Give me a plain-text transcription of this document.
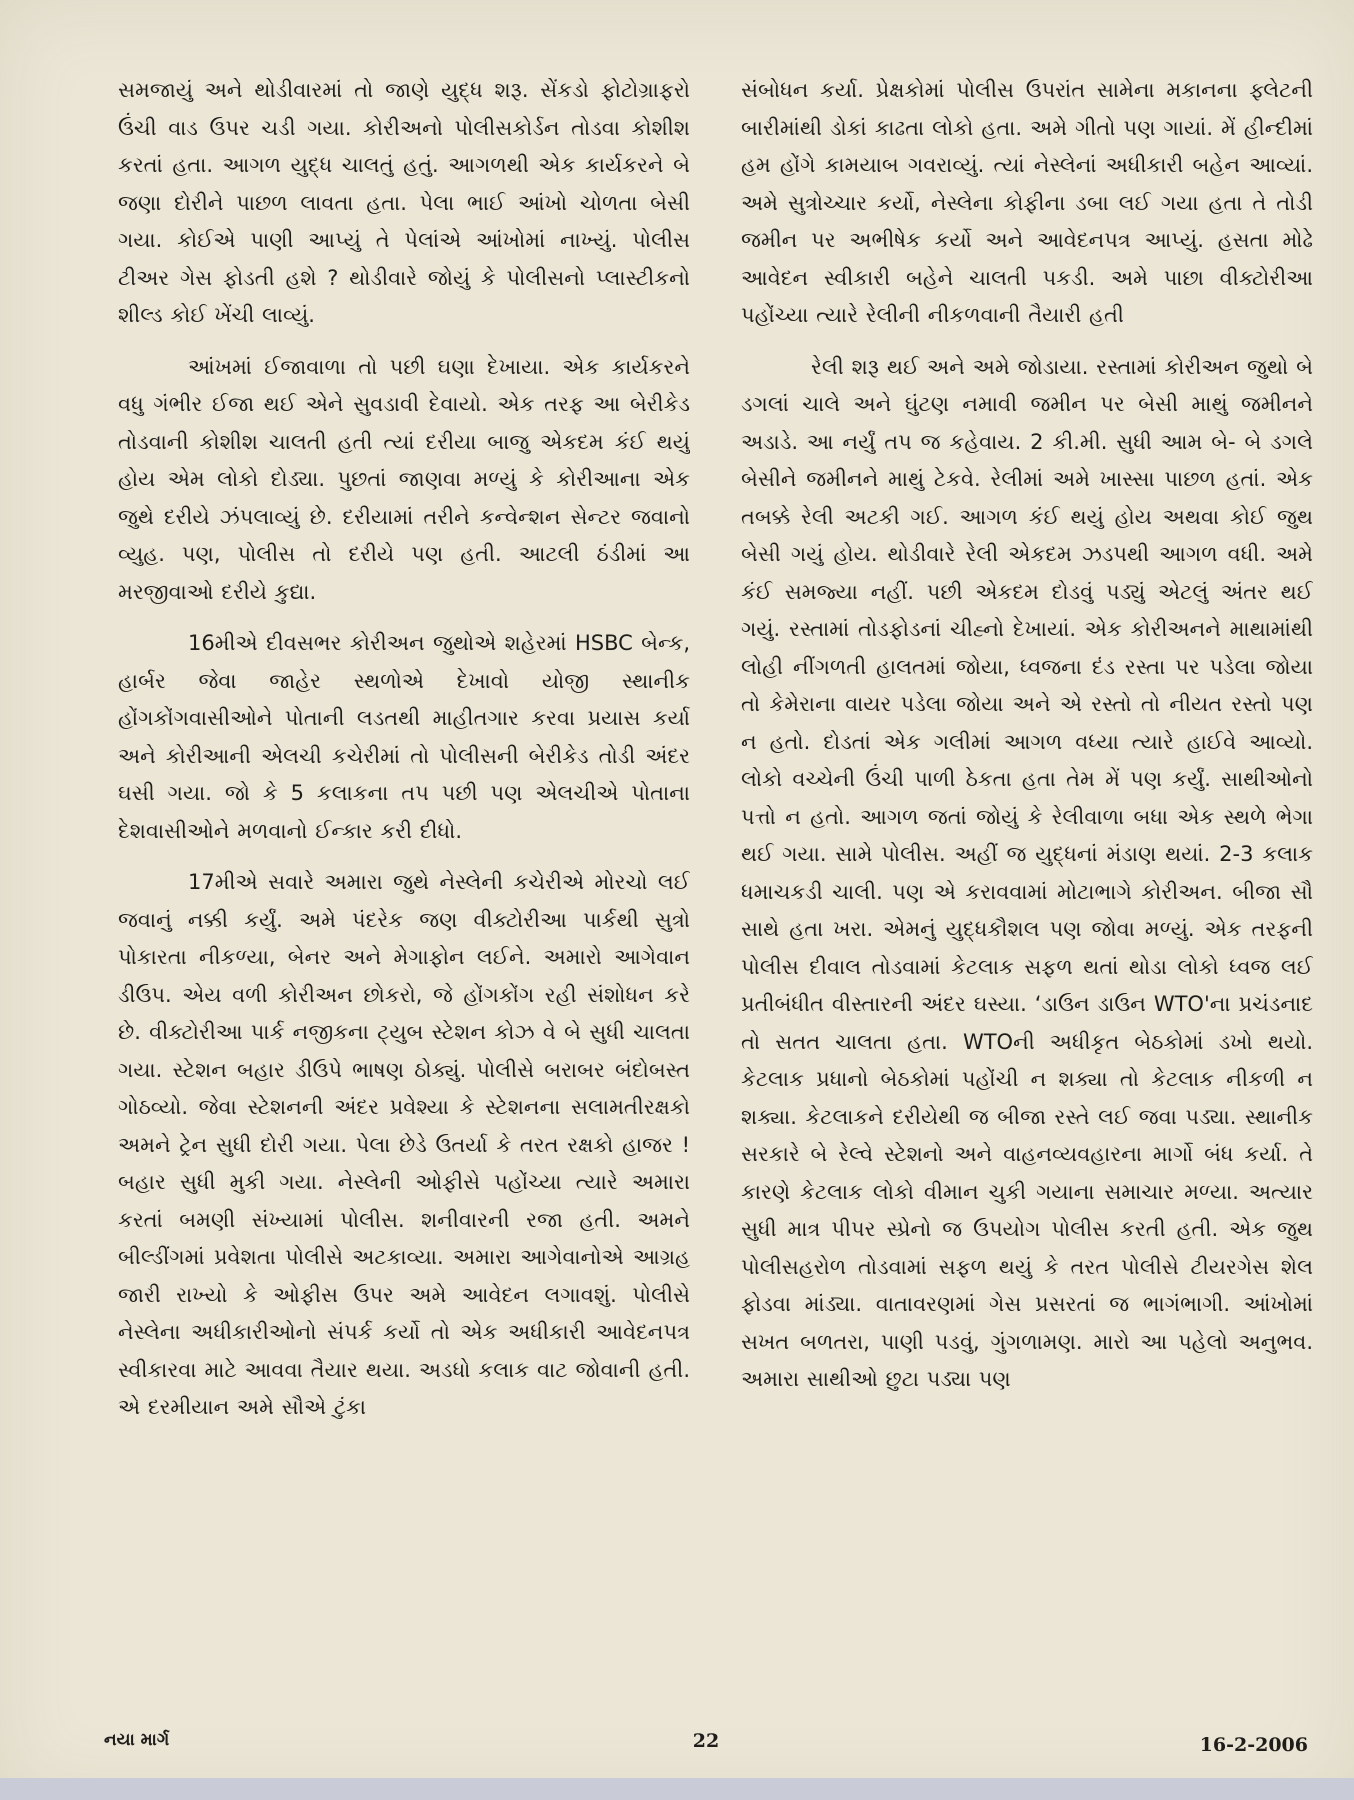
સમજાયું અને થોડીવારમાં તો જાણે યુદ્ધ શરૂ. સેંકડો ફોટોગ્રાફરો ઉંચી વાડ ઉપર ચડી ગયા. કોરીઅનો પોલીસકોર્ડન તોડવા કોશીશ કરતાં હતા. આગળ યુદ્ધ ચાલતું હતું. આગળથી એક કાર્યકરને બે જણા દોરીને પાછળ લાવતા હતા. પેલા ભાઈ આંખો ચોળતા બેસી ગયા. કોઈએ પાણી આપ્યું તે પેલાંએ આંખોમાં નાખ્યું. પોલીસ ટીઅર ગેસ ફોડતી હશે ? થોડીવારે જોયું કે પોલીસનો પ્લાસ્ટીકનો શીલ્ડ કોઈ ખેંચી લાવ્યું.

આંખમાં ઈજાવાળા તો પછી ઘણા દેખાયા. એક કાર્યકરને વધુ ગંભીર ઈજા થઈ એને સુવડાવી દેવાયો. એક તરફ આ બેરીકેડ તોડવાની કોશીશ ચાલતી હતી ત્યાં દરીયા બાજુ એકદમ કંઈ થયું હોય એમ લોકો દોડ્યા. પુછતાં જાણવા મળ્યું કે કોરીઆના એક જુથે દરીયે ઝંપલાવ્યું છે. દરીયામાં તરીને કન્વેન્શન સેન્ટર જવાનો વ્યુહ. પણ, પોલીસ તો દરીયે પણ હતી. આટલી ઠંડીમાં આ મરજીવાઓ દરીયે કુદ્યા.

16મીએ દીવસભર કોરીઅન જુથોએ શહેરમાં HSBC બેન્ક, હાર્બર જેવા જાહેર સ્થળોએ દેખાવો યોજી સ્થાનીક હોંગકોંગવાસીઓને પોતાની લડતથી માહીતગાર કરવા પ્રયાસ કર્યા અને કોરીઆની એલચી કચેરીમાં તો પોલીસની બેરીકેડ તોડી અંદર ઘસી ગયા. જો કે 5 કલાકના તપ પછી પણ એલચીએ પોતાના દેશવાસીઓને મળવાનો ઈન્કાર કરી દીધો.

17મીએ સવારે અમારા જુથે નેસ્લેની કચેરીએ મોરચો લઈ જવાનું નક્કી કર્યું. અમે પંદરેક જણ વીક્ટોરીઆ પાર્કથી સુત્રો પોકારતા નીકળ્યા, બેનર અને મેગાફોન લઈને. અમારો આગેવાન ડીઉપ. એય વળી કોરીઅન છોકરો, જે હોંગકોંગ રહી સંશોધન કરે છે. વીક્ટોરીઆ પાર્ક નજીકના ટ્યુબ સ્ટેશન કોઝ વે બે સુધી ચાલતા ગયા. સ્ટેશન બહાર ડીઉપે ભાષણ ઠોક્યું. પોલીસે બરાબર બંદોબસ્ત ગોઠવ્યો. જેવા સ્ટેશનની અંદર પ્રવેશ્યા કે સ્ટેશનના સલામતીરક્ષકો અમને ટ્રેન સુધી દોરી ગયા. પેલા છેડે ઉતર્યા કે તરત રક્ષકો હાજર ! બહાર સુધી મુકી ગયા. નેસ્લેની ઓફીસે પહોંચ્યા ત્યારે અમારા કરતાં બમણી સંખ્યામાં પોલીસ. શનીવારની રજા હતી. અમને બીલ્ડીંગમાં પ્રવેશતા પોલીસે અટકાવ્યા. અમારા આગેવાનોએ આગ્રહ જારી રાખ્યો કે ઓફીસ ઉપર અમે આવેદન લગાવશું. પોલીસે નેસ્લેના અધીકારીઓનો સંપર્ક કર્યો તો એક અધીકારી આવેદનપત્ર સ્વીકારવા માટે આવવા તૈયાર થયા. અડધો કલાક વાટ જોવાની હતી. એ દરમીયાન અમે સૌએ ટુંકા

સંબોધન કર્યા. પ્રેક્ષકોમાં પોલીસ ઉપરાંત સામેના મકાનના ફ્લેટની બારીમાંથી ડોકાં કાઢતા લોકો હતા. અમે ગીતો પણ ગાયાં. મેં હીન્દીમાં હમ હોંગે કામયાબ ગવરાવ્યું. ત્યાં નેસ્લેનાં અધીકારી બહેન આવ્યાં. અમે સુત્રોચ્ચાર કર્યો, નેસ્લેના કોફીના ડબા લઈ ગયા હતા તે તોડી જમીન પર અભીષેક કર્યો અને આવેદનપત્ર આપ્યું. હસતા મોઢે આવેદન સ્વીકારી બહેને ચાલતી પકડી. અમે પાછા વીક્ટોરીઆ પહોંચ્યા ત્યારે રેલીની નીકળવાની તૈયારી હતી

રેલી શરૂ થઈ અને અમે જોડાયા. રસ્તામાં કોરીઅન જુથો બે ડગલાં ચાલે અને ઘુંટણ નમાવી જમીન પર બેસી માથું જમીનને અડાડે. આ નર્યું તપ જ કહેવાય. 2 કી.મી. સુધી આમ બે- બે ડગલે બેસીને જમીનને માથું ટેકવે. રેલીમાં અમે ખાસ્સા પાછળ હતાં. એક તબક્કે રેલી અટકી ગઈ. આગળ કંઈ થયું હોય અથવા કોઈ જુથ બેસી ગયું હોય. થોડીવારે રેલી એકદમ ઝડપથી આગળ વધી. અમે કંઈ સમજ્યા નહીં. પછી એકદમ દોડવું પડ્યું એટલું અંતર થઈ ગયું. રસ્તામાં તોડફોડનાં ચીહ્નો દેખાયાં. એક કોરીઅનને માથામાંથી લોહી નીંગળતી હાલતમાં જોયા, ધ્વજના દંડ રસ્તા પર પડેલા જોયા તો કેમેરાના વાયર પડેલા જોયા અને એ રસ્તો તો નીયત રસ્તો પણ ન હતો. દોડતાં એક ગલીમાં આગળ વધ્યા ત્યારે હાઈવે આવ્યો. લોકો વચ્ચેની ઉંચી પાળી ઠેકતા હતા તેમ મેં પણ કર્યું. સાથીઓનો પત્તો ન હતો. આગળ જતાં જોયું કે રેલીવાળા બધા એક સ્થળે ભેગા થઈ ગયા. સામે પોલીસ. અહીં જ યુદ્ધનાં મંડાણ થયાં. 2-3 કલાક ધમાચકડી ચાલી. પણ એ કરાવવામાં મોટાભાગે કોરીઅન. બીજા સૌ સાથે હતા ખરા. એમનું યુદ્ધકૌશલ પણ જોવા મળ્યું. એક તરફની પોલીસ દીવાલ તોડવામાં કેટલાક સફળ થતાં થોડા લોકો ધ્વજ લઈ પ્રતીબંધીત વીસ્તારની અંદર ઘસ્યા. ‘ડાઉન ડાઉન WTO'ના પ્રચંડનાદ તો સતત ચાલતા હતા. WTOની અધીકૃત બેઠકોમાં ડખો થયો. કેટલાક પ્રધાનો બેઠકોમાં પહોંચી ન શક્યા તો કેટલાક નીકળી ન શક્યા. કેટલાકને દરીયેથી જ બીજા રસ્તે લઈ જવા પડ્યા. સ્થાનીક સરકારે બે રેલ્વે સ્ટેશનો અને વાહનવ્યવહારના માર્ગો બંધ કર્યા. તે કારણે કેટલાક લોકો વીમાન ચુકી ગયાના સમાચાર મળ્યા. અત્યાર સુધી માત્ર પીપર સ્પ્રેનો જ ઉપયોગ પોલીસ કરતી હતી. એક જુથ પોલીસહરોળ તોડવામાં સફળ થયું કે તરત પોલીસે ટીયરગેસ શેલ ફોડવા માંડ્યા. વાતાવરણમાં ગેસ પ્રસરતાં જ ભાગંભાગી. આંખોમાં સખત બળતરા, પાણી પડવું, ગુંગળામણ. મારો આ પહેલો અનુભવ. અમારા સાથીઓ છુટા પડ્યા પણ

નયા માર્ગ	22	16-2-2006
